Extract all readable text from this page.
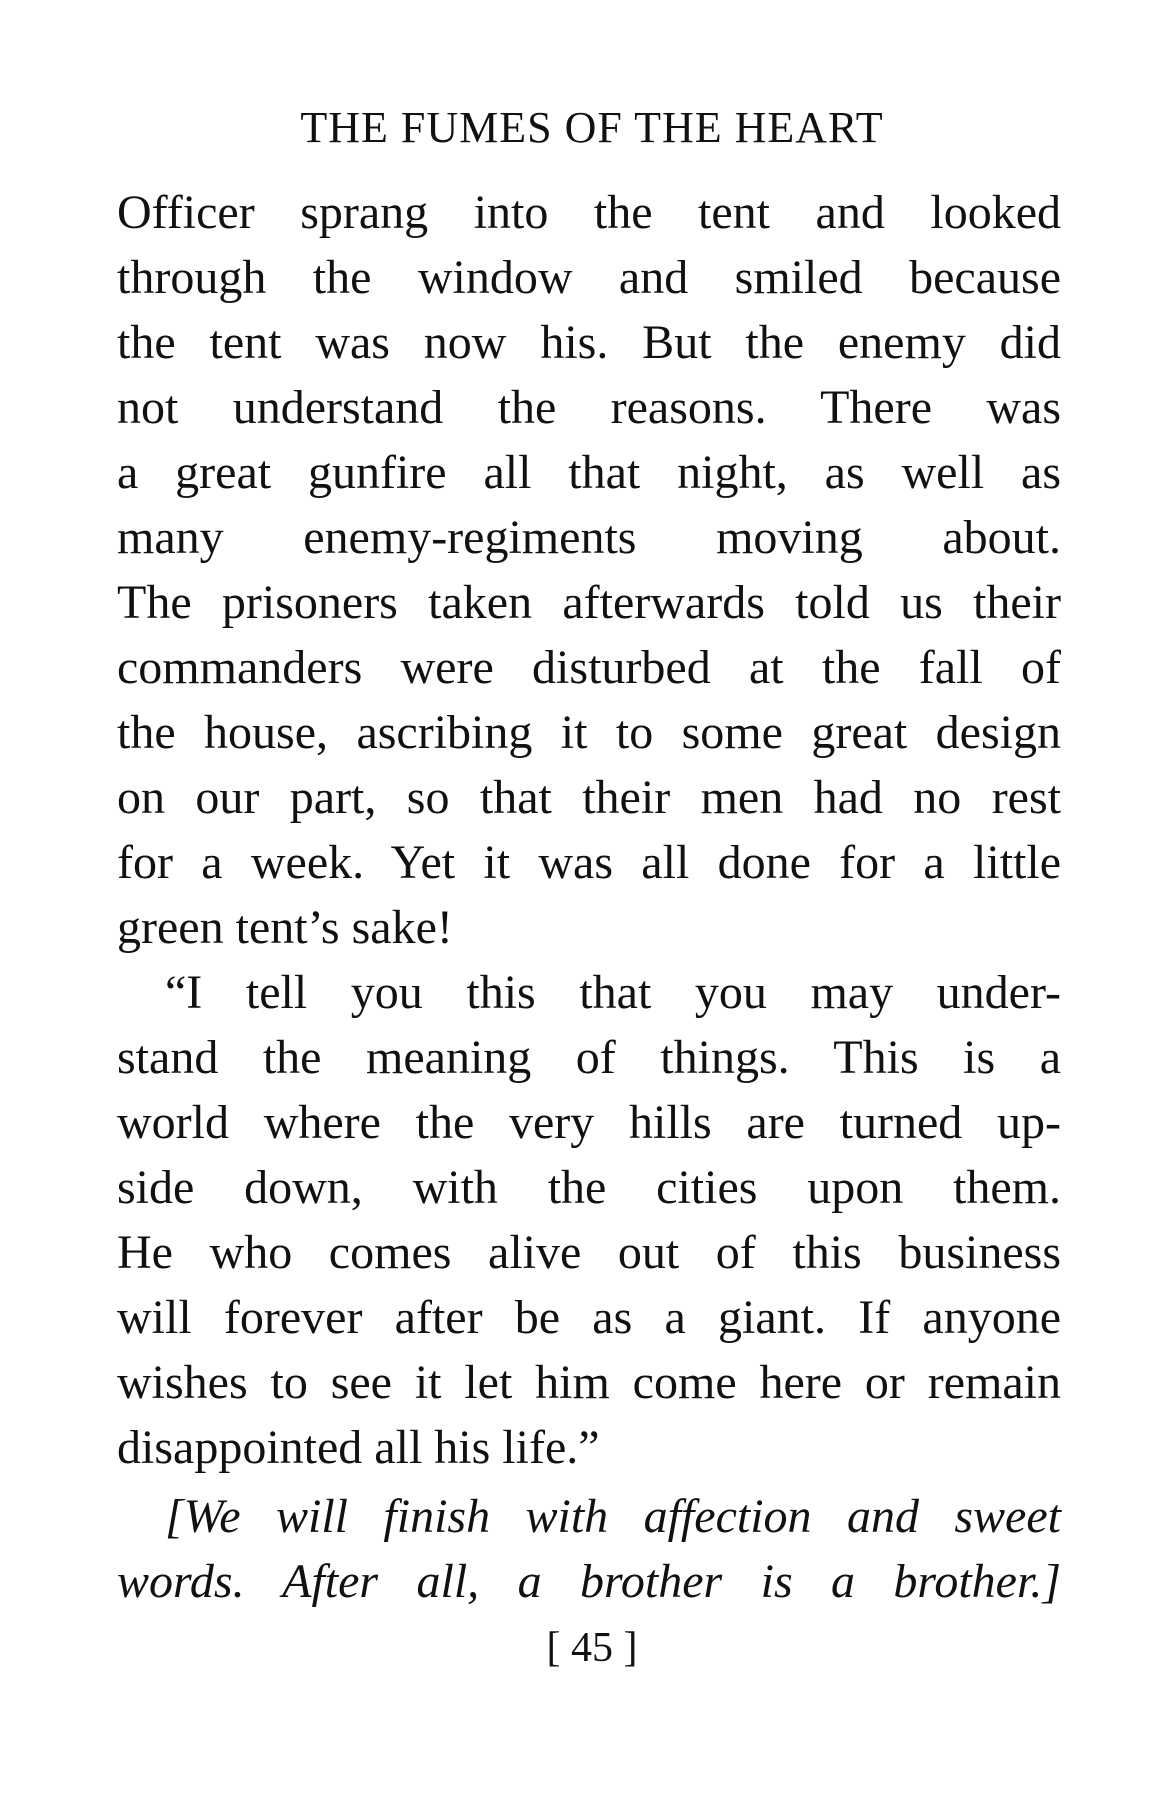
THE FUMES OF THE HEART
Officer sprang into the tent and looked
through the window and smiled because
the tent was now his. But the enemy did
not understand the reasons. There was
a great gunfire all that night, as well as
many enemy-regiments moving about.
The prisoners taken afterwards told us their
commanders were disturbed at the fall of
the house, ascribing it to some great design
on our part, so that their men had no rest
for a week. Yet it was all done for a little
green tent’s sake!
“I tell you this that you may under-
stand the meaning of things. This is a
world where the very hills are turned up-
side down, with the cities upon them.
He who comes alive out of this business
will forever after be as a giant. If anyone
wishes to see it let him come here or remain
disappointed all his life.”
[We will finish with affection and sweet
words. After all, a brother is a brother.]
[ 45 ]
